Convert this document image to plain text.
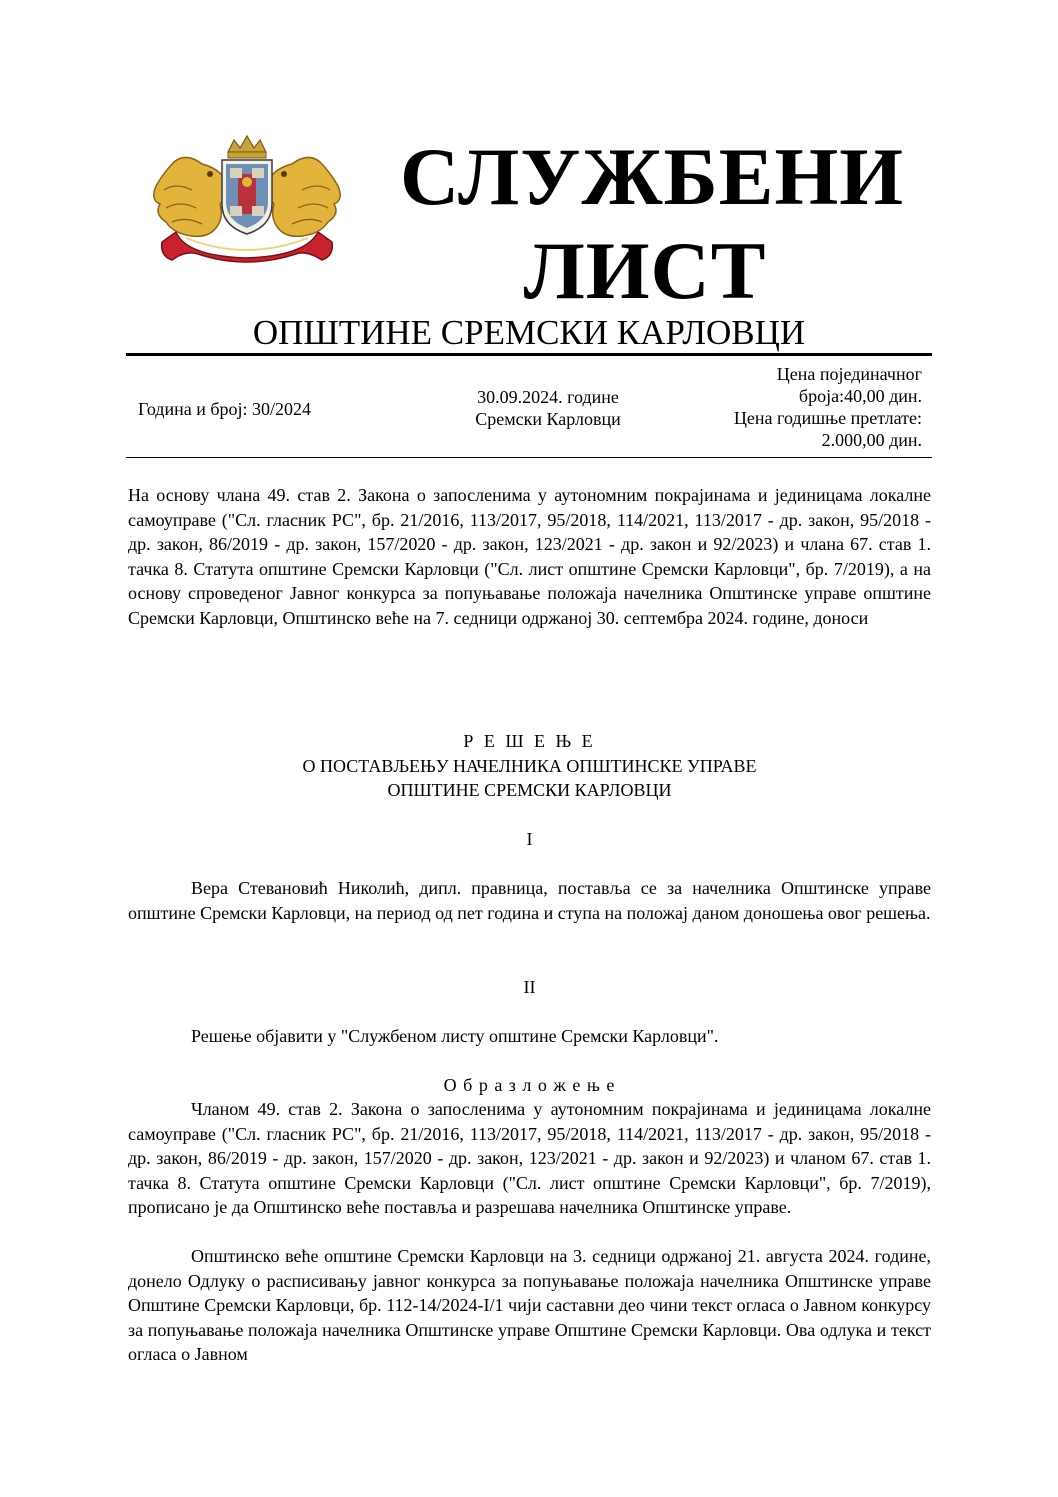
СЛУЖБЕНИ
ЛИСТ
ОПШТИНЕ СРЕМСКИ КАРЛОВЦИ
Година и број: 30/2024
30.09.2024. године
Сремски Карловци
Цена појединачног
броја:40,00 дин.
Цена годишње претлате:
2.000,00 дин.

На основу члана 49. став 2. Закона о запосленима у аутономним покрајинама и јединицама локалне самоуправе ("Сл. гласник РС", бр. 21/2016, 113/2017, 95/2018, 114/2021, 113/2017 - др. закон, 95/2018 - др. закон, 86/2019 - др. закон, 157/2020 - др. закон, 123/2021 - др. закон и 92/2023) и члана 67. став 1. тачка 8. Статута општине Сремски Карловци ("Сл. лист општине Сремски Карловци", бр. 7/2019), а на основу спроведеног Јавног конкурса за попуњавање положаја начелника Општинске управе општине Сремски Карловци, Општинско веће на 7. седници одржаној 30. септембра 2024. године, доноси

Р Е Ш Е Њ Е
О ПОСТАВЉЕЊУ НАЧЕЛНИКА ОПШТИНСКЕ УПРАВЕ
ОПШТИНЕ СРЕМСКИ КАРЛОВЦИ
I

Вера Стевановић Николић, дипл. правница, поставља се за начелника Општинске управе општине Сремски Карловци, на период од пет година и ступа на положај даном доношења овог решења.

II

Решење објавити у "Службеном листу општине Сремски Карловци".

О б р а з л о ж е њ е

Чланом 49. став 2. Закона о запосленима у аутономним покрајинама и јединицама локалне самоуправе ("Сл. гласник РС", бр. 21/2016, 113/2017, 95/2018, 114/2021, 113/2017 - др. закон, 95/2018 - др. закон, 86/2019 - др. закон, 157/2020 - др. закон, 123/2021 - др. закон и 92/2023) и чланом 67. став 1. тачка 8. Статута општине Сремски Карловци ("Сл. лист општине Сремски Карловци", бр. 7/2019), прописано је да Општинско веће поставља и разрешава начелника Општинске управе.

Општинско веће општине Сремски Карловци на 3. седници одржаној 21. августа 2024. године, донело Одлуку о расписивању јавног конкурса за попуњавање положаја начелника Општинске управе Општине Сремски Карловци, бр. 112-14/2024-I/1 чији саставни део чини текст огласа о Јавном конкурсу за попуњавање положаја начелника Општинске управе Општине Сремски Карловци. Ова одлука и текст огласа о Јавном
